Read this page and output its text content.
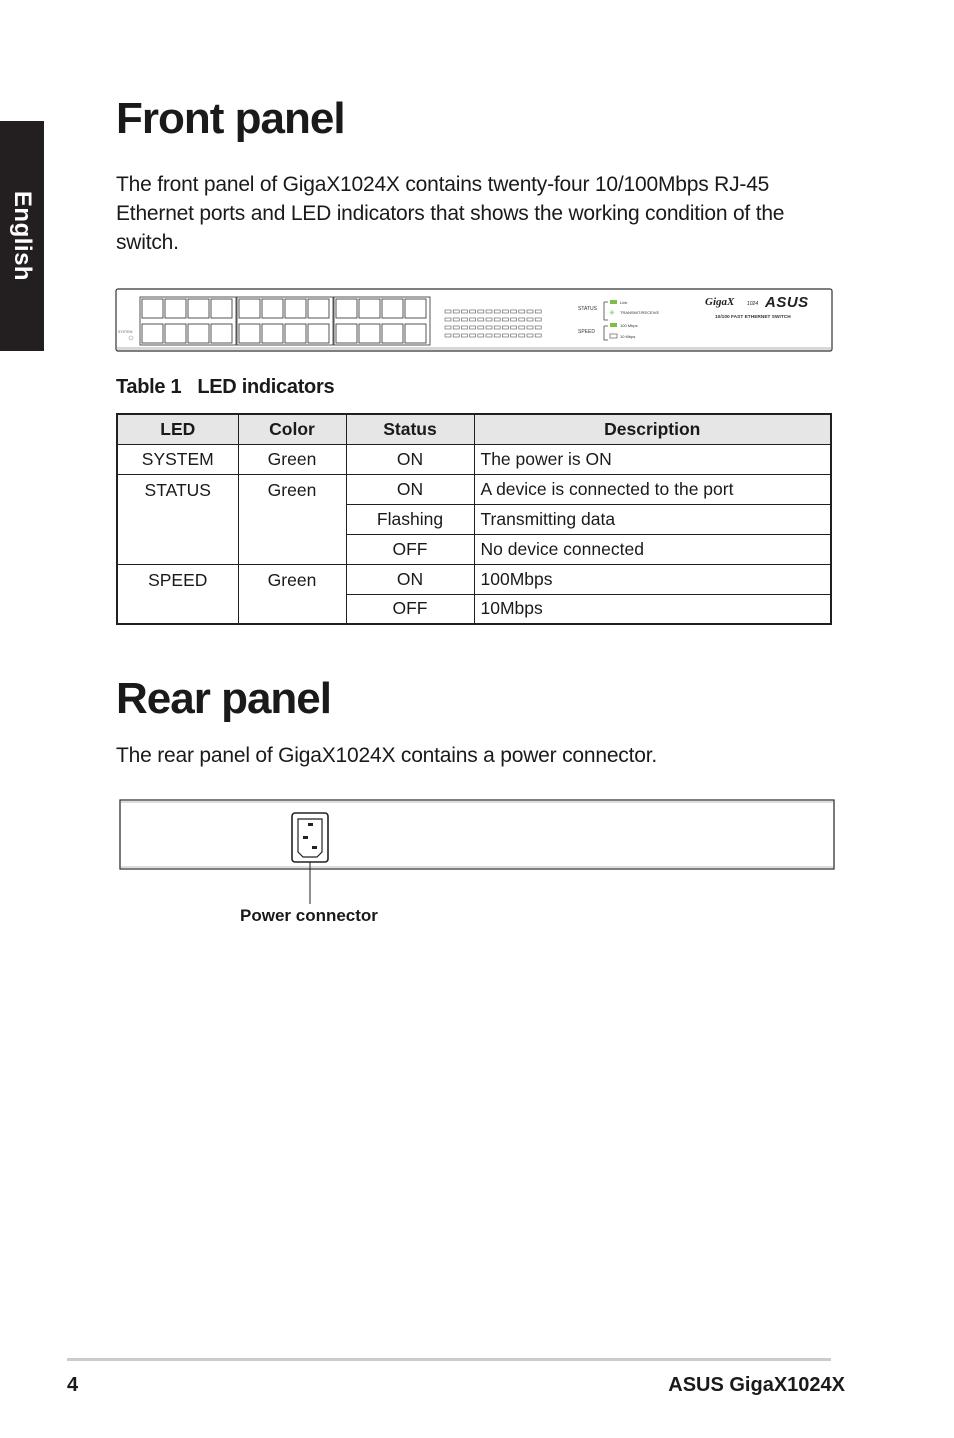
English
Front panel

The front panel of GigaX1024X contains twenty-four 10/100Mbps RJ-45 Ethernet ports and LED indicators that shows the working condition of the switch.

SYSTEM
STATUS
SPEED
Link
✳ TRANSMIT/RECEIVE
100 Mbps
10 Mbps
GigaX	1024 ASUS
10/100 FAST ETHERNET SWITCH
Table 1 LED indicators
LED	Color	Status	Description
SYSTEM	Green	ON	The power is ON
STATUS	Green	ON	A device is connected to the port
		Flashing	Transmitting data
		OFF	No device connected
SPEED	Green	ON	100Mbps
		OFF	10Mbps
Rear panel

The rear panel of GigaX1024X contains a power connector.

Power connector
4	ASUS GigaX1024X
